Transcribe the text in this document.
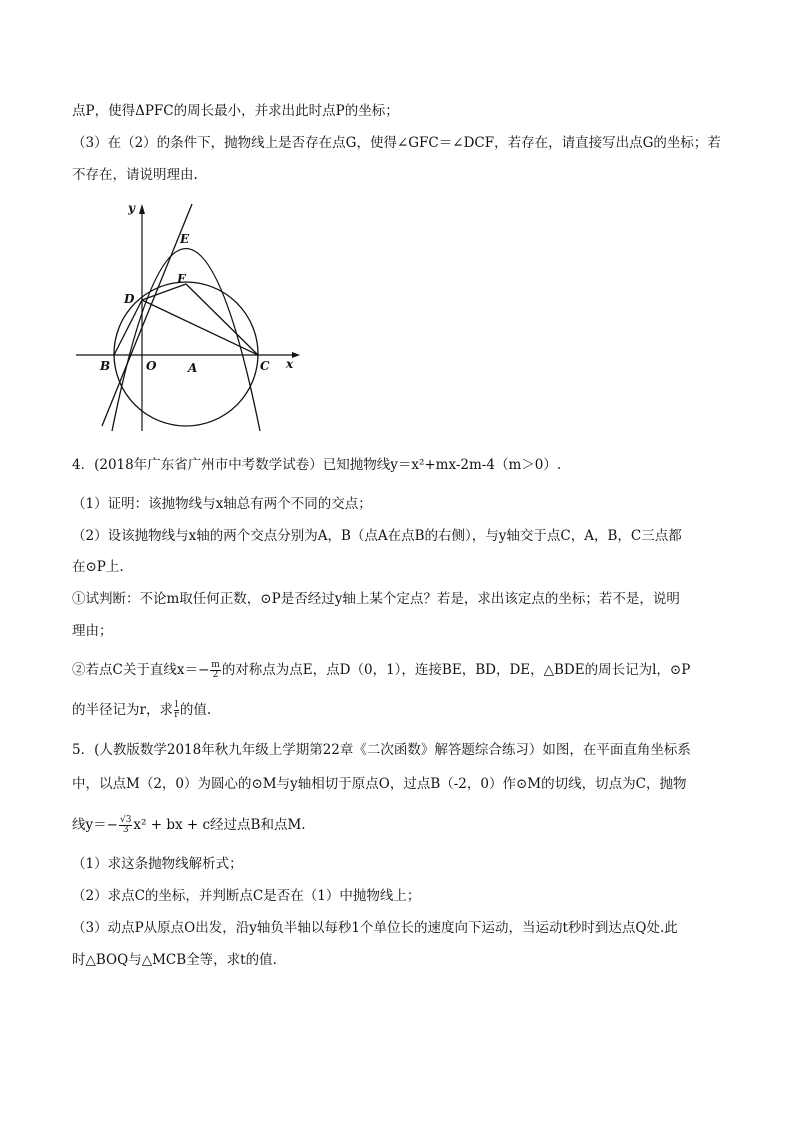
点P，使得ΔPFC的周长最小，并求出此时点P的坐标；
（3）在（2）的条件下，抛物线上是否存在点G，使得∠GFC＝∠DCF，若存在，请直接写出点G的坐标；若
不存在，请说明理由.
y
x
E
F
D
B	O	A	C
4．(2018年广东省广州市中考数学试卷）已知抛物线y＝x²+mx-2m-4（m＞0）.
（1）证明：该抛物线与x轴总有两个不同的交点；
（2）设该抛物线与x轴的两个交点分别为A，B（点A在点B的右侧），与y轴交于点C，A，B，C三点都
在⊙P上.
①试判断：不论m取任何正数，⊙P是否经过y轴上某个定点？若是，求出该定点的坐标；若不是，说明
理由；
②若点C关于直线$x=- \frac{m}{2}$ 的对称点为点E，点D（0，1），连接BE，BD，DE，△BDE的周长记为l，⊙P
的半径记为r，求 $\frac{l}{r}$ 的值.
5．(人教版数学2018年秋九年级上学期第22章《二次函数》解答题综合练习）如图，在平面直角坐标系
中，以点M（2，0）为圆心的⊙M与y轴相切于原点O，过点B（-2，0）作⊙M的切线，切点为C，抛物
线$y=- \frac{√3}{3} x^2$ + bx + c经过点B和点M.
（1）求这条抛物线解析式；
（2）求点C的坐标，并判断点C是否在（1）中抛物线上；
（3）动点P从原点O出发，沿y轴负半轴以每秒1个单位长的速度向下运动，当运动t秒时到达点Q处.此
时△BOQ与△MCB全等，求t的值.
